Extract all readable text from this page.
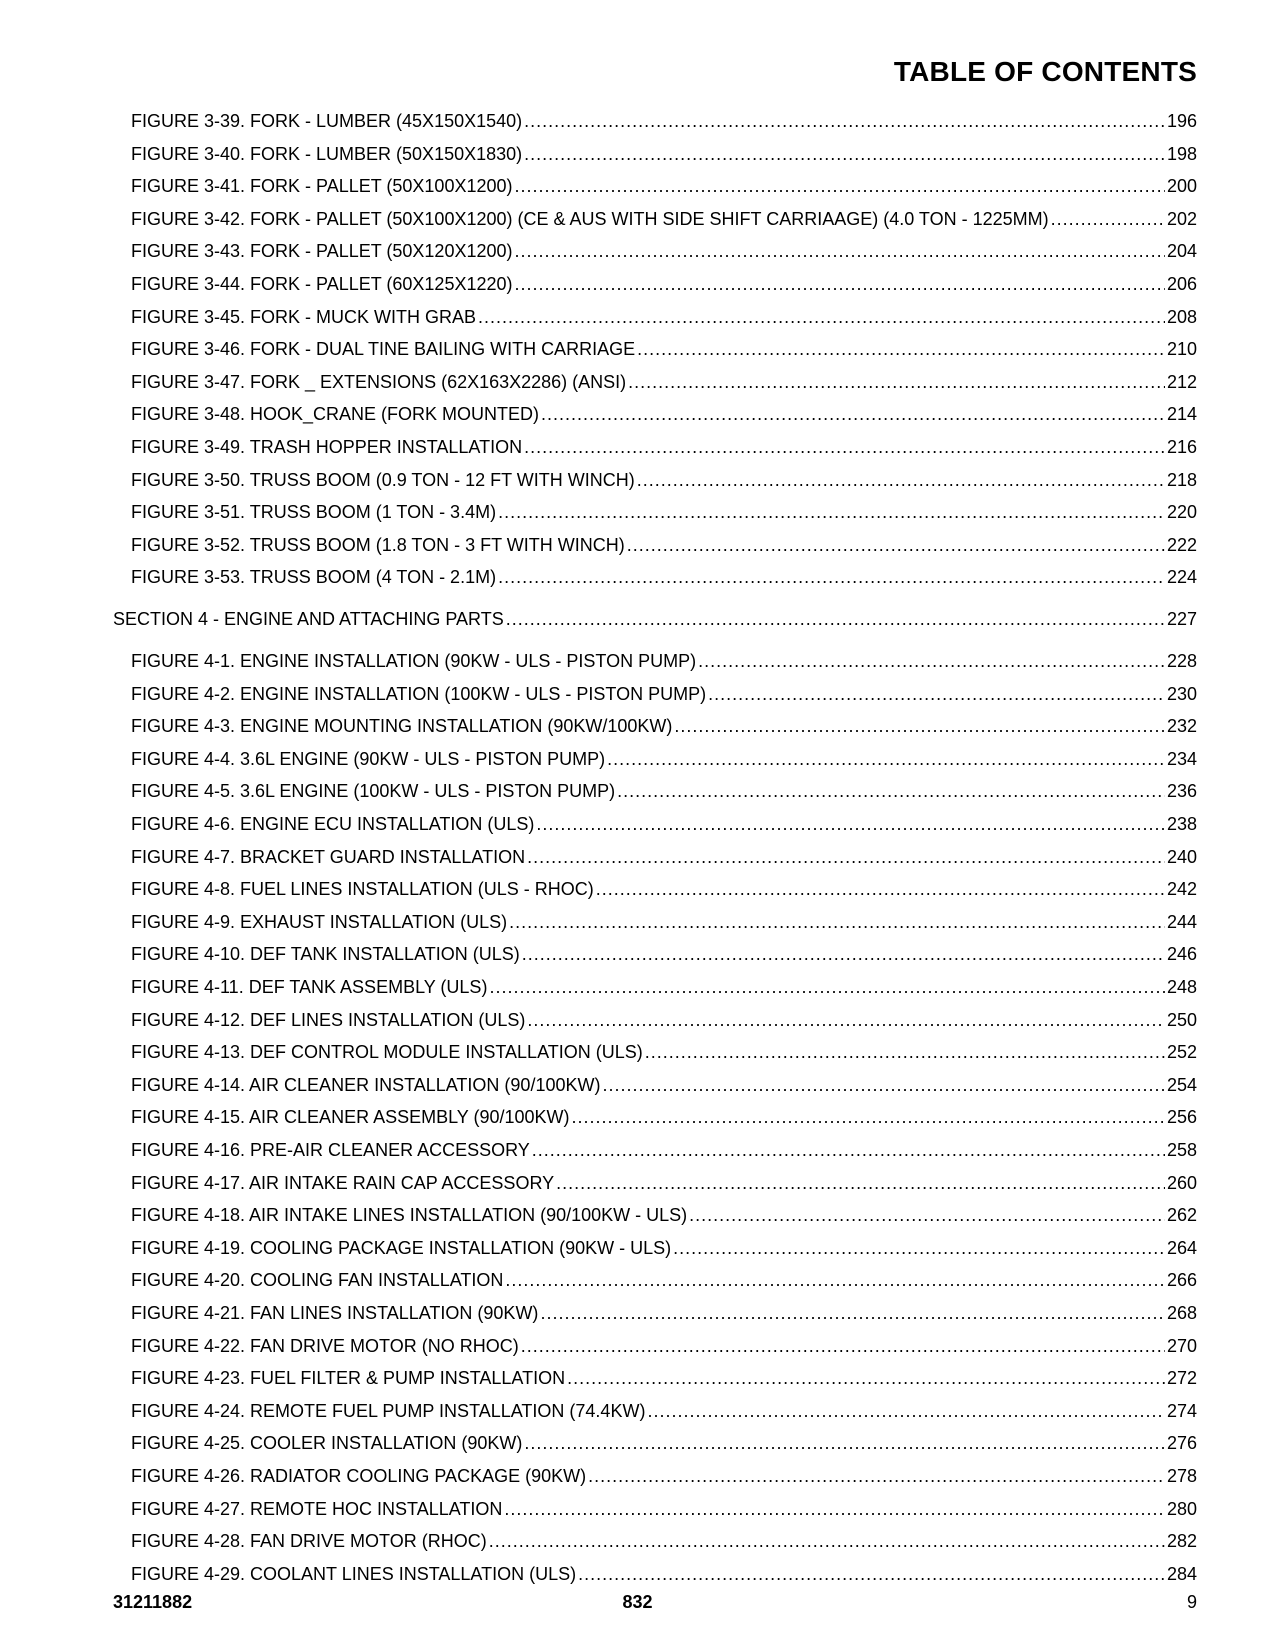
TABLE OF CONTENTS
FIGURE 3-39. FORK - LUMBER (45X150X1540) .....	196
FIGURE 3-40. FORK - LUMBER (50X150X1830) .....	198
FIGURE 3-41. FORK - PALLET (50X100X1200) .....	200
FIGURE 3-42. FORK - PALLET (50X100X1200) (CE & AUS WITH SIDE SHIFT CARRIAAGE) (4.0 TON - 1225MM) .....	202
FIGURE 3-43. FORK - PALLET (50X120X1200) .....	204
FIGURE 3-44. FORK - PALLET (60X125X1220) .....	206
FIGURE 3-45. FORK - MUCK WITH GRAB .....	208
FIGURE 3-46. FORK - DUAL TINE BAILING WITH CARRIAGE .....	210
FIGURE 3-47. FORK _ EXTENSIONS (62X163X2286) (ANSI) .....	212
FIGURE 3-48. HOOK_CRANE (FORK MOUNTED) .....	214
FIGURE 3-49. TRASH HOPPER INSTALLATION .....	216
FIGURE 3-50. TRUSS BOOM (0.9 TON - 12 FT WITH WINCH) .....	218
FIGURE 3-51. TRUSS BOOM (1 TON - 3.4M) .....	220
FIGURE 3-52. TRUSS BOOM (1.8 TON - 3 FT WITH WINCH) .....	222
FIGURE 3-53. TRUSS BOOM (4 TON - 2.1M) .....	224
SECTION 4 - ENGINE AND ATTACHING PARTS .....	227
FIGURE 4-1. ENGINE INSTALLATION (90KW - ULS - PISTON PUMP) .....	228
FIGURE 4-2. ENGINE INSTALLATION (100KW - ULS - PISTON PUMP) .....	230
FIGURE 4-3. ENGINE MOUNTING INSTALLATION (90KW/100KW) .....	232
FIGURE 4-4. 3.6L ENGINE (90KW - ULS - PISTON PUMP) .....	234
FIGURE 4-5. 3.6L ENGINE (100KW - ULS - PISTON PUMP) .....	236
FIGURE 4-6. ENGINE ECU INSTALLATION (ULS) .....	238
FIGURE 4-7. BRACKET GUARD INSTALLATION .....	240
FIGURE 4-8. FUEL LINES INSTALLATION (ULS - RHOC) .....	242
FIGURE 4-9. EXHAUST INSTALLATION (ULS) .....	244
FIGURE 4-10. DEF TANK INSTALLATION (ULS) .....	246
FIGURE 4-11. DEF TANK ASSEMBLY (ULS) .....	248
FIGURE 4-12. DEF LINES INSTALLATION (ULS) .....	250
FIGURE 4-13. DEF CONTROL MODULE INSTALLATION (ULS) .....	252
FIGURE 4-14. AIR CLEANER INSTALLATION (90/100KW) .....	254
FIGURE 4-15. AIR CLEANER ASSEMBLY (90/100KW) .....	256
FIGURE 4-16. PRE-AIR CLEANER ACCESSORY .....	258
FIGURE 4-17. AIR INTAKE RAIN CAP ACCESSORY .....	260
FIGURE 4-18. AIR INTAKE LINES INSTALLATION (90/100KW - ULS) .....	262
FIGURE 4-19. COOLING PACKAGE INSTALLATION (90KW - ULS) .....	264
FIGURE 4-20. COOLING FAN INSTALLATION .....	266
FIGURE 4-21. FAN LINES INSTALLATION (90KW) .....	268
FIGURE 4-22. FAN DRIVE MOTOR (NO RHOC) .....	270
FIGURE 4-23. FUEL FILTER & PUMP INSTALLATION .....	272
FIGURE 4-24. REMOTE FUEL PUMP INSTALLATION (74.4KW) .....	274
FIGURE 4-25. COOLER INSTALLATION (90KW) .....	276
FIGURE 4-26. RADIATOR COOLING PACKAGE (90KW) .....	278
FIGURE 4-27. REMOTE HOC INSTALLATION .....	280
FIGURE 4-28. FAN DRIVE MOTOR (RHOC) .....	282
FIGURE 4-29. COOLANT LINES INSTALLATION (ULS) .....	284
31211882	832	9
